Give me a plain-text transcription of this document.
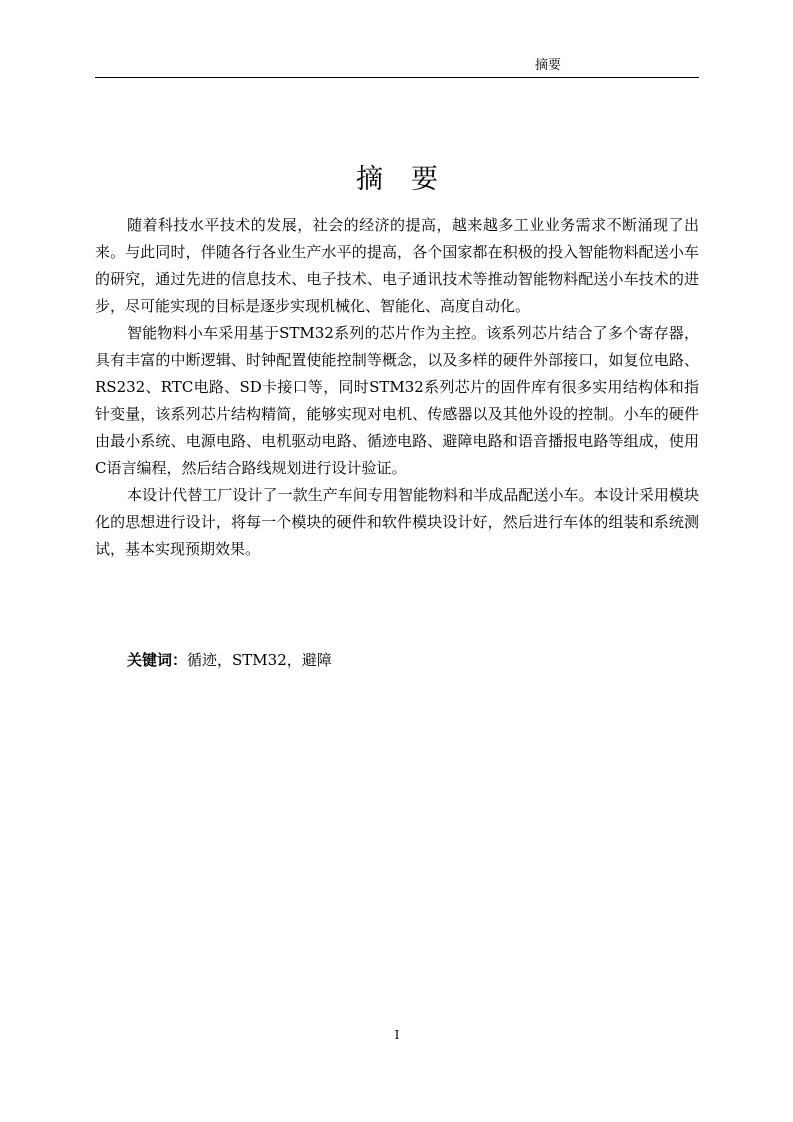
摘要
摘 要

随着科技水平技术的发展，社会的经济的提高，越来越多工业业务需求不断涌现了出来。与此同时，伴随各行各业生产水平的提高，各个国家都在积极的投入智能物料配送小车的研究，通过先进的信息技术、电子技术、电子通讯技术等推动智能物料配送小车技术的进步，尽可能实现的目标是逐步实现机械化、智能化、高度自动化。

智能物料小车采用基于STM32系列的芯片作为主控。该系列芯片结合了多个寄存器，具有丰富的中断逻辑、时钟配置使能控制等概念，以及多样的硬件外部接口，如复位电路、RS232、RTC电路、SD卡接口等，同时STM32系列芯片的固件库有很多实用结构体和指针变量，该系列芯片结构精简，能够实现对电机、传感器以及其他外设的控制。小车的硬件由最小系统、电源电路、电机驱动电路、循迹电路、避障电路和语音播报电路等组成，使用C语言编程，然后结合路线规划进行设计验证。

本设计代替工厂设计了一款生产车间专用智能物料和半成品配送小车。本设计采用模块化的思想进行设计，将每一个模块的硬件和软件模块设计好，然后进行车体的组装和系统测试，基本实现预期效果。

关键词：循迹，STM32，避障
I
